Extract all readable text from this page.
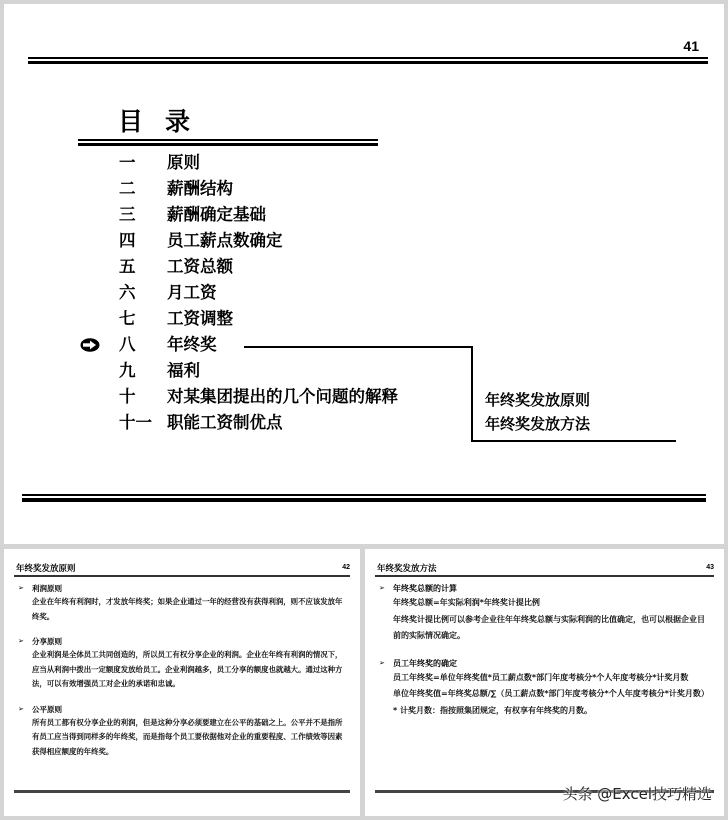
41
目录
一 原则
二 薪酬结构
三 薪酬确定基础
四 员工薪点数确定
五 工资总额
六 月工资
七 工资调整
八 年终奖
九 福利
十 对某集团提出的几个问题的解释
十一 职能工资制优点
年终奖发放原则
年终奖发放方法
年终奖发放原则	42
➢ 利润原则
企业在年终有利润时，才发放年终奖；如果企业通过一年的经营没有获得利润，则不应该发放年终奖。
➢ 分享原则
企业利润是全体员工共同创造的，所以员工有权分享企业的利润。企业在年终有利润的情况下，应当从利润中拨出一定额度发放给员工。企业利润越多，员工分享的额度也就越大。通过这种方法，可以有效增强员工对企业的承诺和忠诚。
➢ 公平原则
所有员工都有权分享企业的利润，但是这种分享必须要建立在公平的基础之上。公平并不是指所有员工应当得到同样多的年终奖，而是指每个员工要依据他对企业的重要程度、工作绩效等因素获得相应额度的年终奖。
年终奖发放方法	43
➢ 年终奖总额的计算
年终奖总额=年实际利润*年终奖计提比例
年终奖计提比例可以参考企业往年年终奖总额与实际利润的比值确定，也可以根据企业目前的实际情况确定。
➢ 员工年终奖的确定
员工年终奖=单位年终奖值*员工薪点数*部门年度考核分*个人年度考核分*计奖月数
单位年终奖值=年终奖总额/∑（员工薪点数*部门年度考核分*个人年度考核分*计奖月数）
* 计奖月数：指按照集团规定，有权享有年终奖的月数。
头条 @Excel技巧精选
